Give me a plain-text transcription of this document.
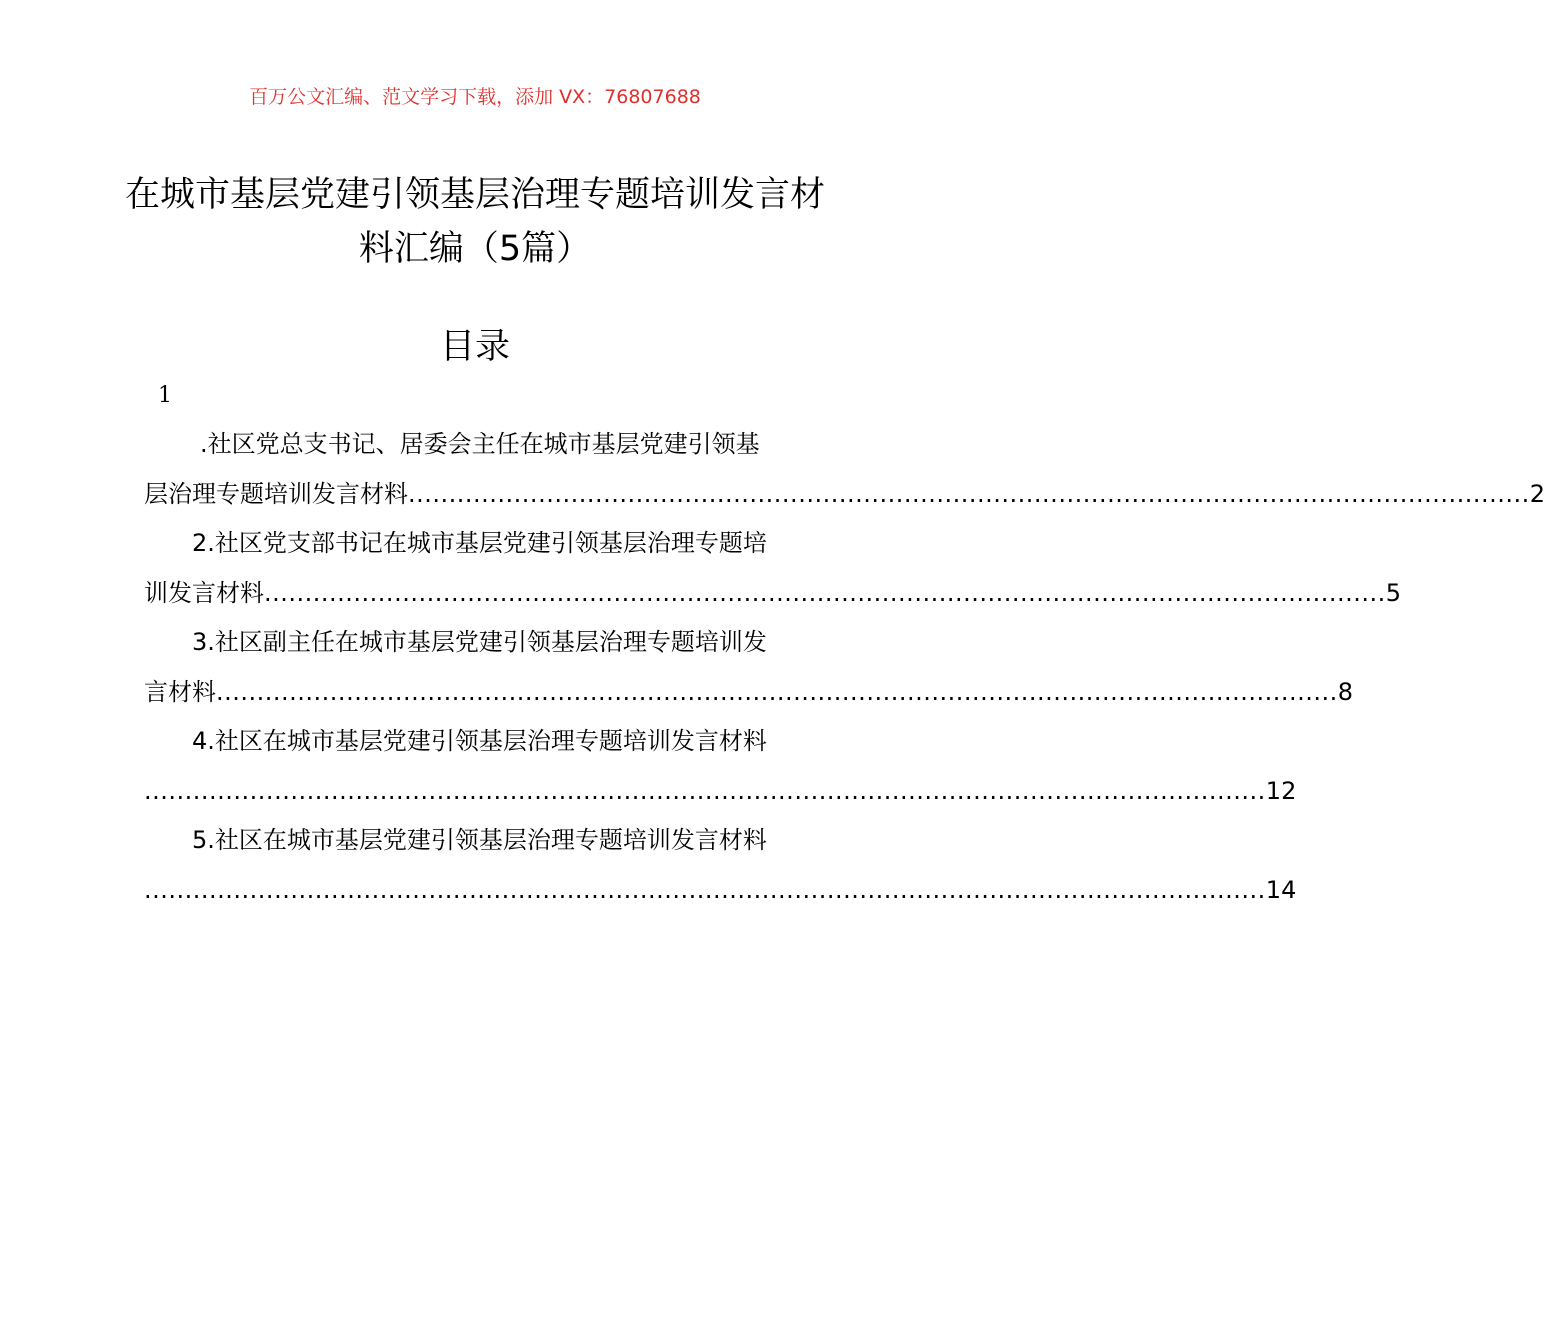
百万公文汇编、范文学习下载，添加 VX：76807688
在城市基层党建引领基层治理专题培训发言材料汇编（5篇）
目录
1

.社区党总支书记、居委会主任在城市基层党建引领基

层治理专题培训发言材料 .......................................................................................................................................... 2

2.社区党支部书记在城市基层党建引领基层治理专题培

训发言材料 .......................................................................................................................................... 5

3.社区副主任在城市基层党建引领基层治理专题培训发

言材料 .......................................................................................................................................... 8

4.社区在城市基层党建引领基层治理专题培训发言材料

.......................................................................................................................................... 12

5.社区在城市基层党建引领基层治理专题培训发言材料

.......................................................................................................................................... 14
